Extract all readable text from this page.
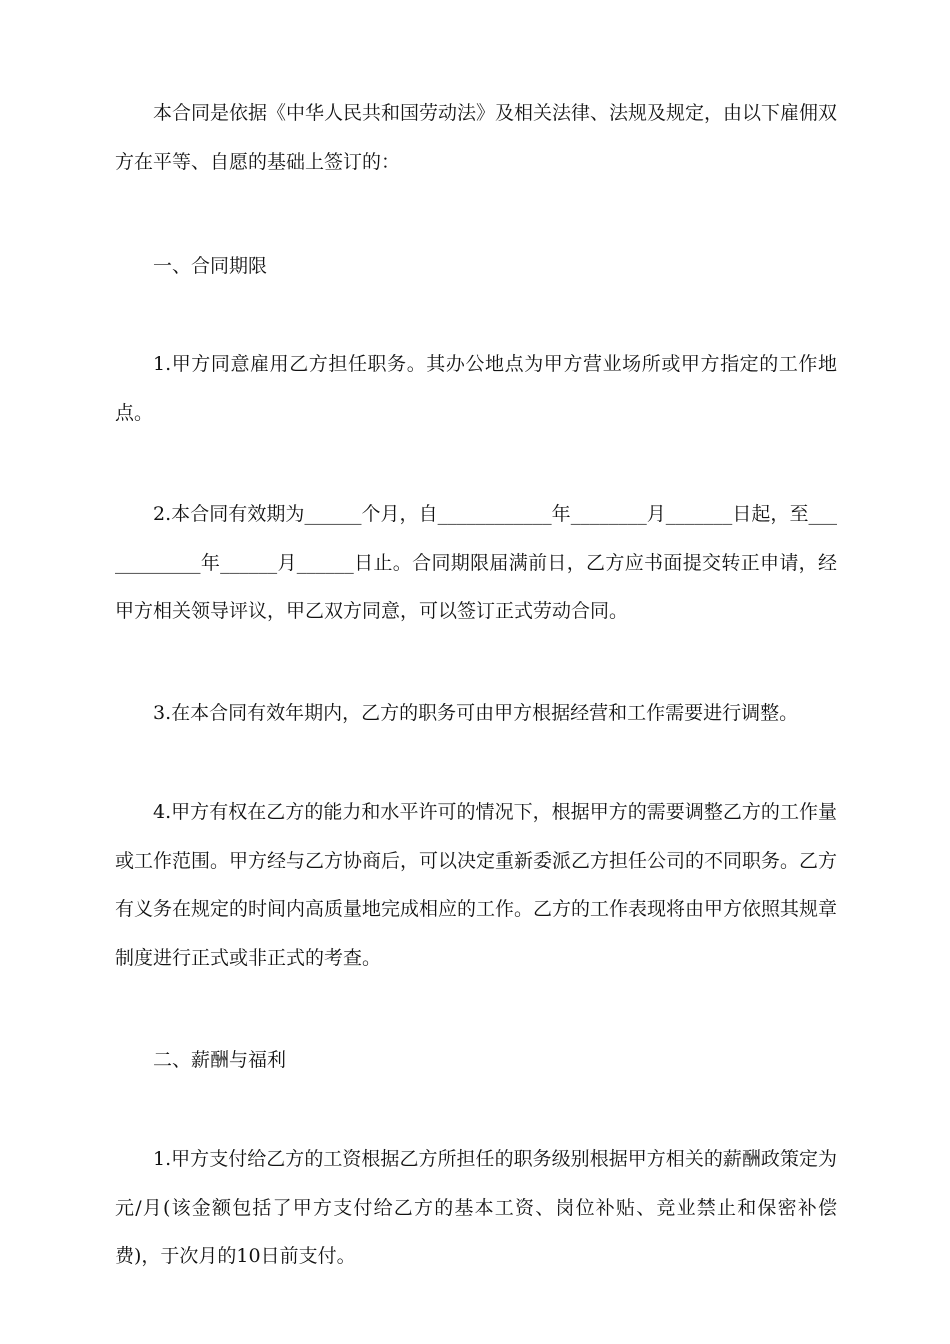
本合同是依据《中华人民共和国劳动法》及相关法律、法规及规定，由以下雇佣双方在平等、自愿的基础上签订的：

一、合同期限

1.甲方同意雇用乙方担任职务。其办公地点为甲方营业场所或甲方指定的工作地点。

2.本合同有效期为______个月，自____________年________月_______日起，至____________年______月______日止。合同期限届满前日，乙方应书面提交转正申请，经甲方相关领导评议，甲乙双方同意，可以签订正式劳动合同。

3.在本合同有效年期内，乙方的职务可由甲方根据经营和工作需要进行调整。

4.甲方有权在乙方的能力和水平许可的情况下，根据甲方的需要调整乙方的工作量或工作范围。甲方经与乙方协商后，可以决定重新委派乙方担任公司的不同职务。乙方有义务在规定的时间内高质量地完成相应的工作。乙方的工作表现将由甲方依照其规章制度进行正式或非正式的考查。

二、薪酬与福利

1.甲方支付给乙方的工资根据乙方所担任的职务级别根据甲方相关的薪酬政策定为元/月(该金额包括了甲方支付给乙方的基本工资、岗位补贴、竞业禁止和保密补偿费)，于次月的10日前支付。
